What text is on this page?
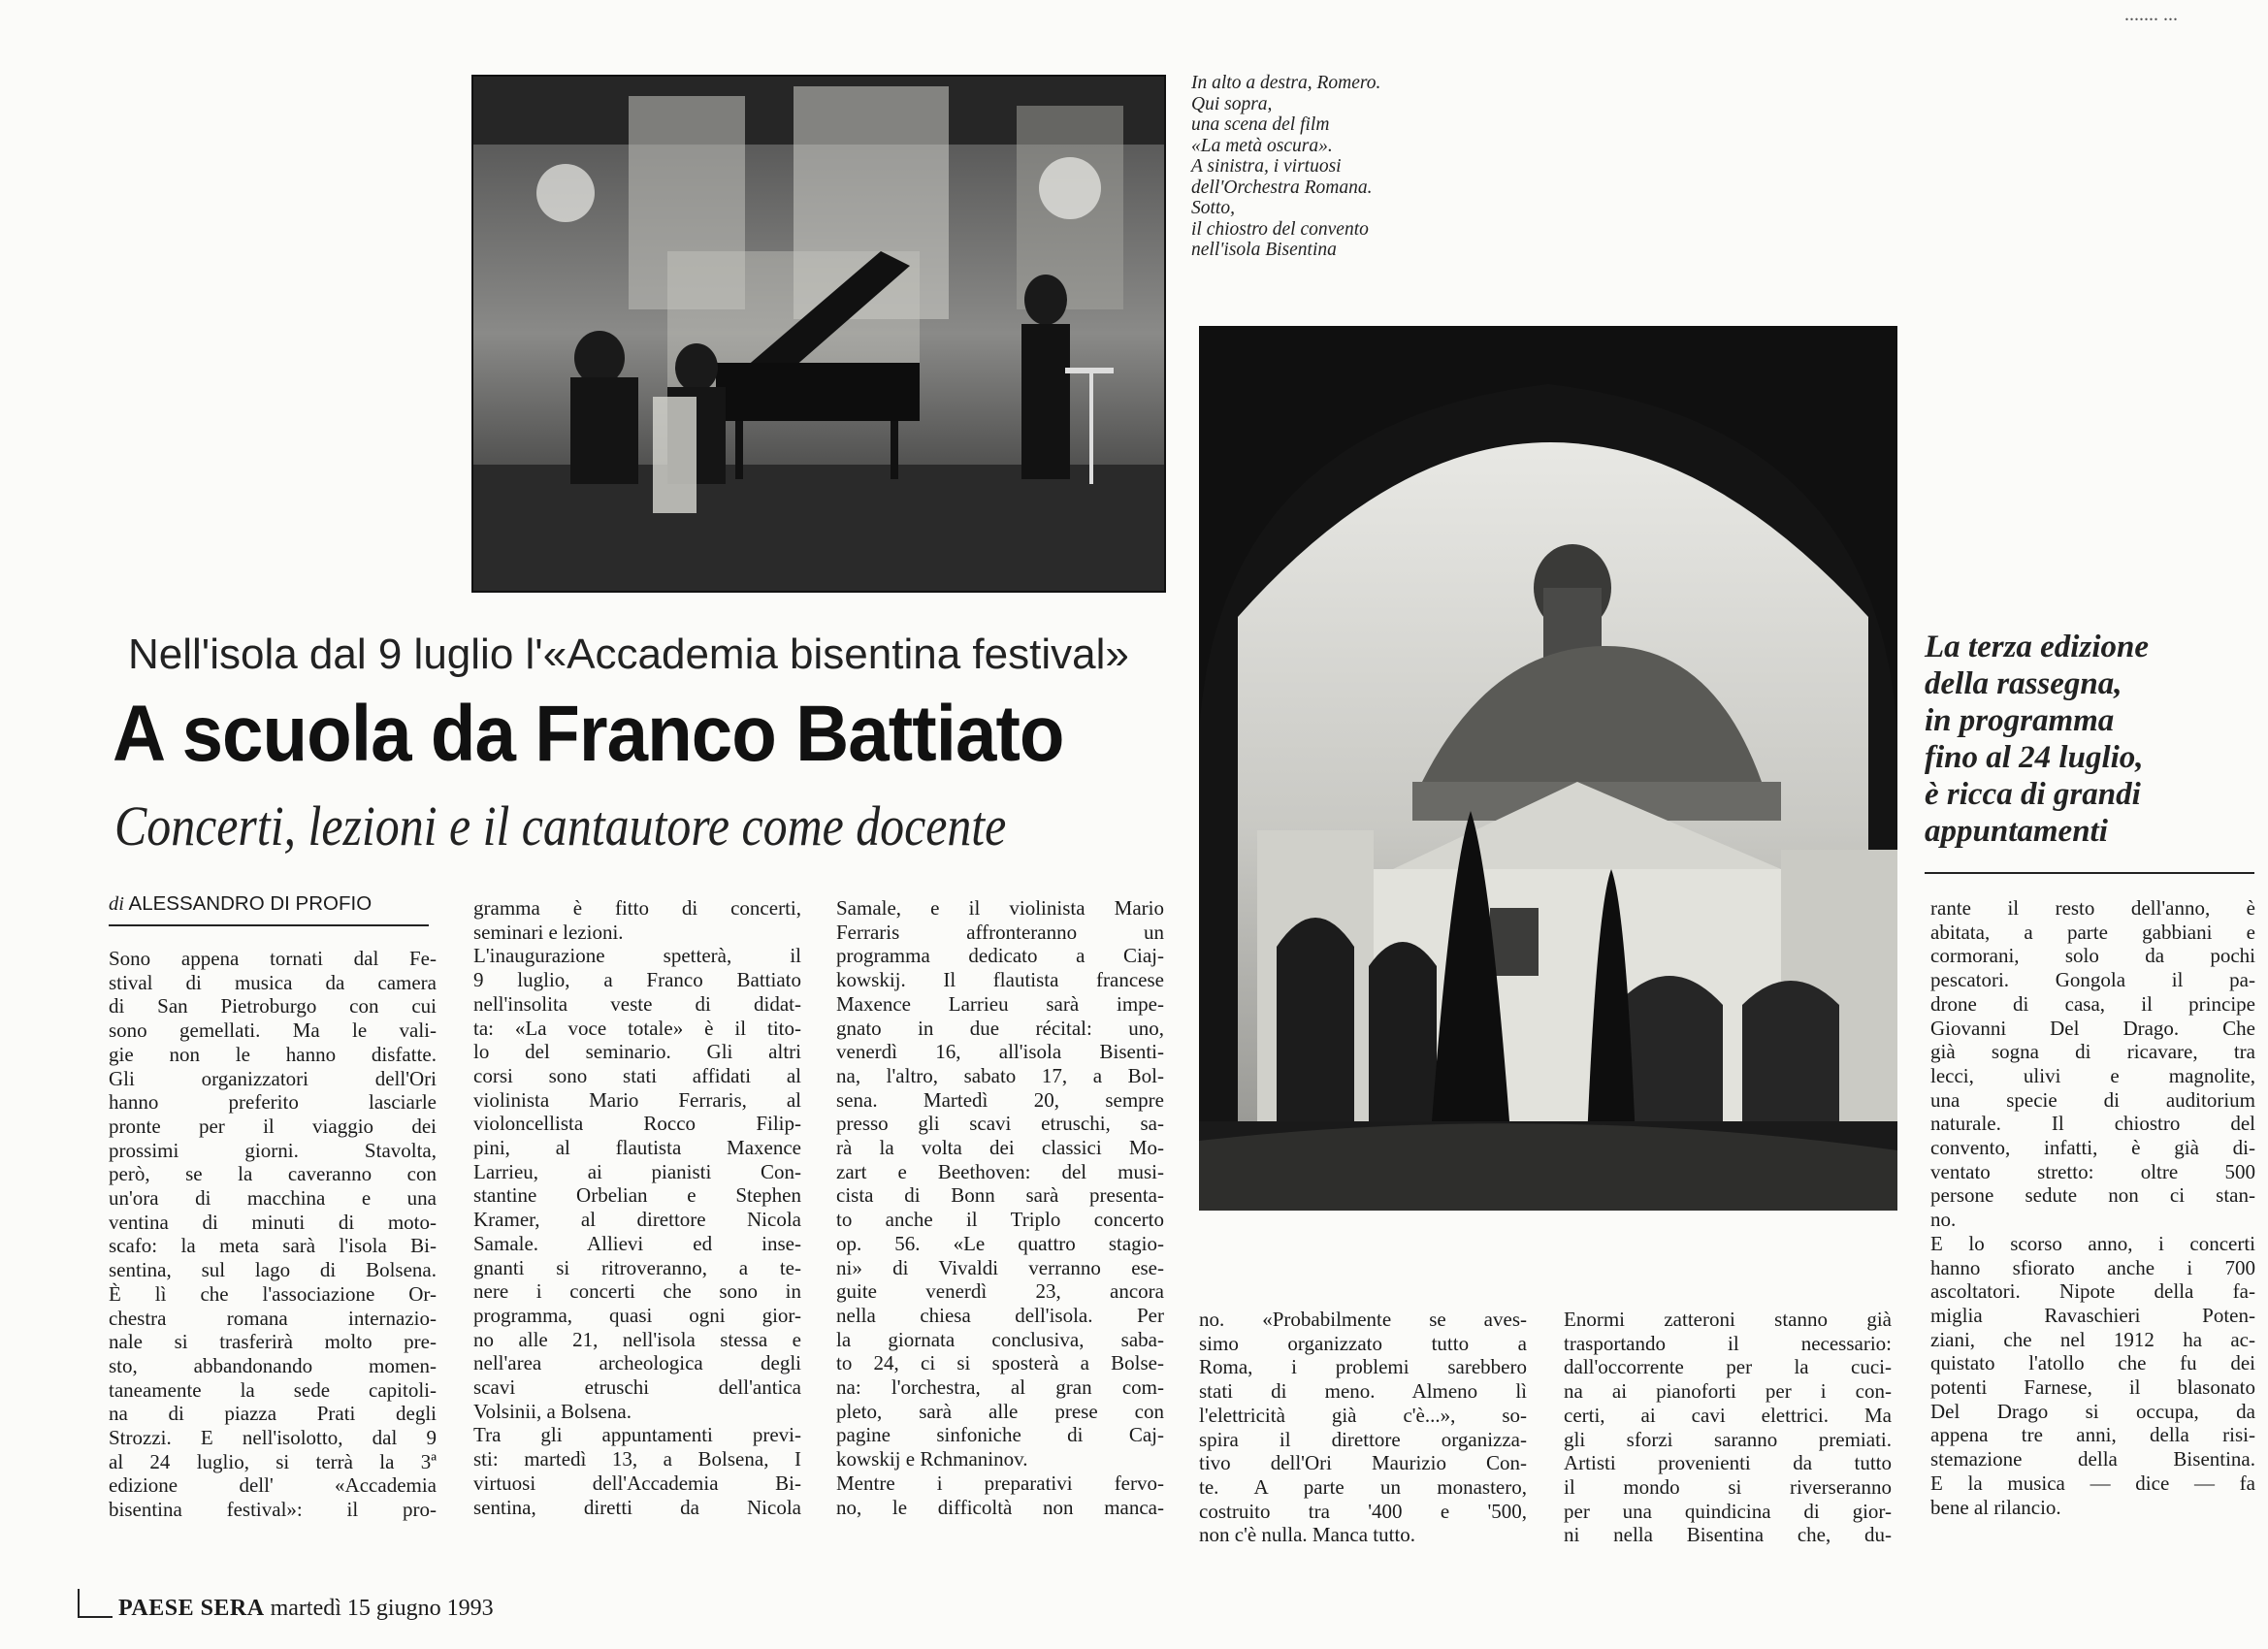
....... ...
In alto a destra, Romero.
Qui sopra,
una scena del film
«La metà oscura».
A sinistra, i virtuosi
dell'Orchestra Romana.
Sotto,
il chiostro del convento
nell'isola Bisentina
Nell'isola dal 9 luglio l'«Accademia bisentina festival»
A scuola da Franco Battiato
Concerti, lezioni e il cantautore come docente
di ALESSANDRO DI PROFIO
La terza edizione
della rassegna,
in programma
fino al 24 luglio,
è ricca di grandi
appuntamenti
Sono appena tornati dal Fe-
stival di musica da camera
di San Pietroburgo con cui
sono gemellati. Ma le vali-
gie non le hanno disfatte.
Gli organizzatori dell'Ori
hanno preferito lasciarle
pronte per il viaggio dei
prossimi giorni. Stavolta,
però, se la caveranno con
un'ora di macchina e una
ventina di minuti di moto-
scafo: la meta sarà l'isola Bi-
sentina, sul lago di Bolsena.
È lì che l'associazione Or-
chestra romana internazio-
nale si trasferirà molto pre-
sto, abbandonando momen-
taneamente la sede capitoli-
na di piazza Prati degli
Strozzi. E nell'isolotto, dal 9
al 24 luglio, si terrà la 3ª
edizione dell' «Accademia
bisentina festival»: il pro-
gramma è fitto di concerti,
seminari e lezioni.
L'inaugurazione spetterà, il
9 luglio, a Franco Battiato
nell'insolita veste di didat-
ta: «La voce totale» è il tito-
lo del seminario. Gli altri
corsi sono stati affidati al
violinista Mario Ferraris, al
violoncellista Rocco Filip-
pini, al flautista Maxence
Larrieu, ai pianisti Con-
stantine Orbelian e Stephen
Kramer, al direttore Nicola
Samale. Allievi ed inse-
gnanti si ritroveranno, a te-
nere i concerti che sono in
programma, quasi ogni gior-
no alle 21, nell'isola stessa e
nell'area archeologica degli
scavi etruschi dell'antica
Volsinii, a Bolsena.
Tra gli appuntamenti previ-
sti: martedì 13, a Bolsena, I
virtuosi dell'Accademia Bi-
sentina, diretti da Nicola
Samale, e il violinista Mario
Ferraris affronteranno un
programma dedicato a Ciaj-
kowskij. Il flautista francese
Maxence Larrieu sarà impe-
gnato in due récital: uno,
venerdì 16, all'isola Bisenti-
na, l'altro, sabato 17, a Bol-
sena. Martedì 20, sempre
presso gli scavi etruschi, sa-
rà la volta dei classici Mo-
zart e Beethoven: del musi-
cista di Bonn sarà presenta-
to anche il Triplo concerto
op. 56. «Le quattro stagio-
ni» di Vivaldi verranno ese-
guite venerdì 23, ancora
nella chiesa dell'isola. Per
la giornata conclusiva, saba-
to 24, ci si sposterà a Bolse-
na: l'orchestra, al gran com-
pleto, sarà alle prese con
pagine sinfoniche di Caj-
kowskij e Rchmaninov.
Mentre i preparativi fervo-
no, le difficoltà non manca-
no. «Probabilmente se aves-
simo organizzato tutto a
Roma, i problemi sarebbero
stati di meno. Almeno lì
l'elettricità già c'è...», so-
spira il direttore organizza-
tivo dell'Ori Maurizio Con-
te. A parte un monastero,
costruito tra '400 e '500,
non c'è nulla. Manca tutto.
Enormi zatteroni stanno già
trasportando il necessario:
dall'occorrente per la cuci-
na ai pianoforti per i con-
certi, ai cavi elettrici. Ma
gli sforzi saranno premiati.
Artisti provenienti da tutto
il mondo si riverseranno
per una quindicina di gior-
ni nella Bisentina che, du-
rante il resto dell'anno, è
abitata, a parte gabbiani e
cormorani, solo da pochi
pescatori. Gongola il pa-
drone di casa, il principe
Giovanni Del Drago. Che
già sogna di ricavare, tra
lecci, ulivi e magnolite,
una specie di auditorium
naturale. Il chiostro del
convento, infatti, è già di-
ventato stretto: oltre 500
persone sedute non ci stan-
no.
E lo scorso anno, i concerti
hanno sfiorato anche i 700
ascoltatori. Nipote della fa-
miglia Ravaschieri Poten-
ziani, che nel 1912 ha ac-
quistato l'atollo che fu dei
potenti Farnese, il blasonato
Del Drago si occupa, da
appena tre anni, della risi-
stemazione della Bisentina.
E la musica — dice — fa
bene al rilancio.
PAESE SERA martedì 15 giugno 1993
